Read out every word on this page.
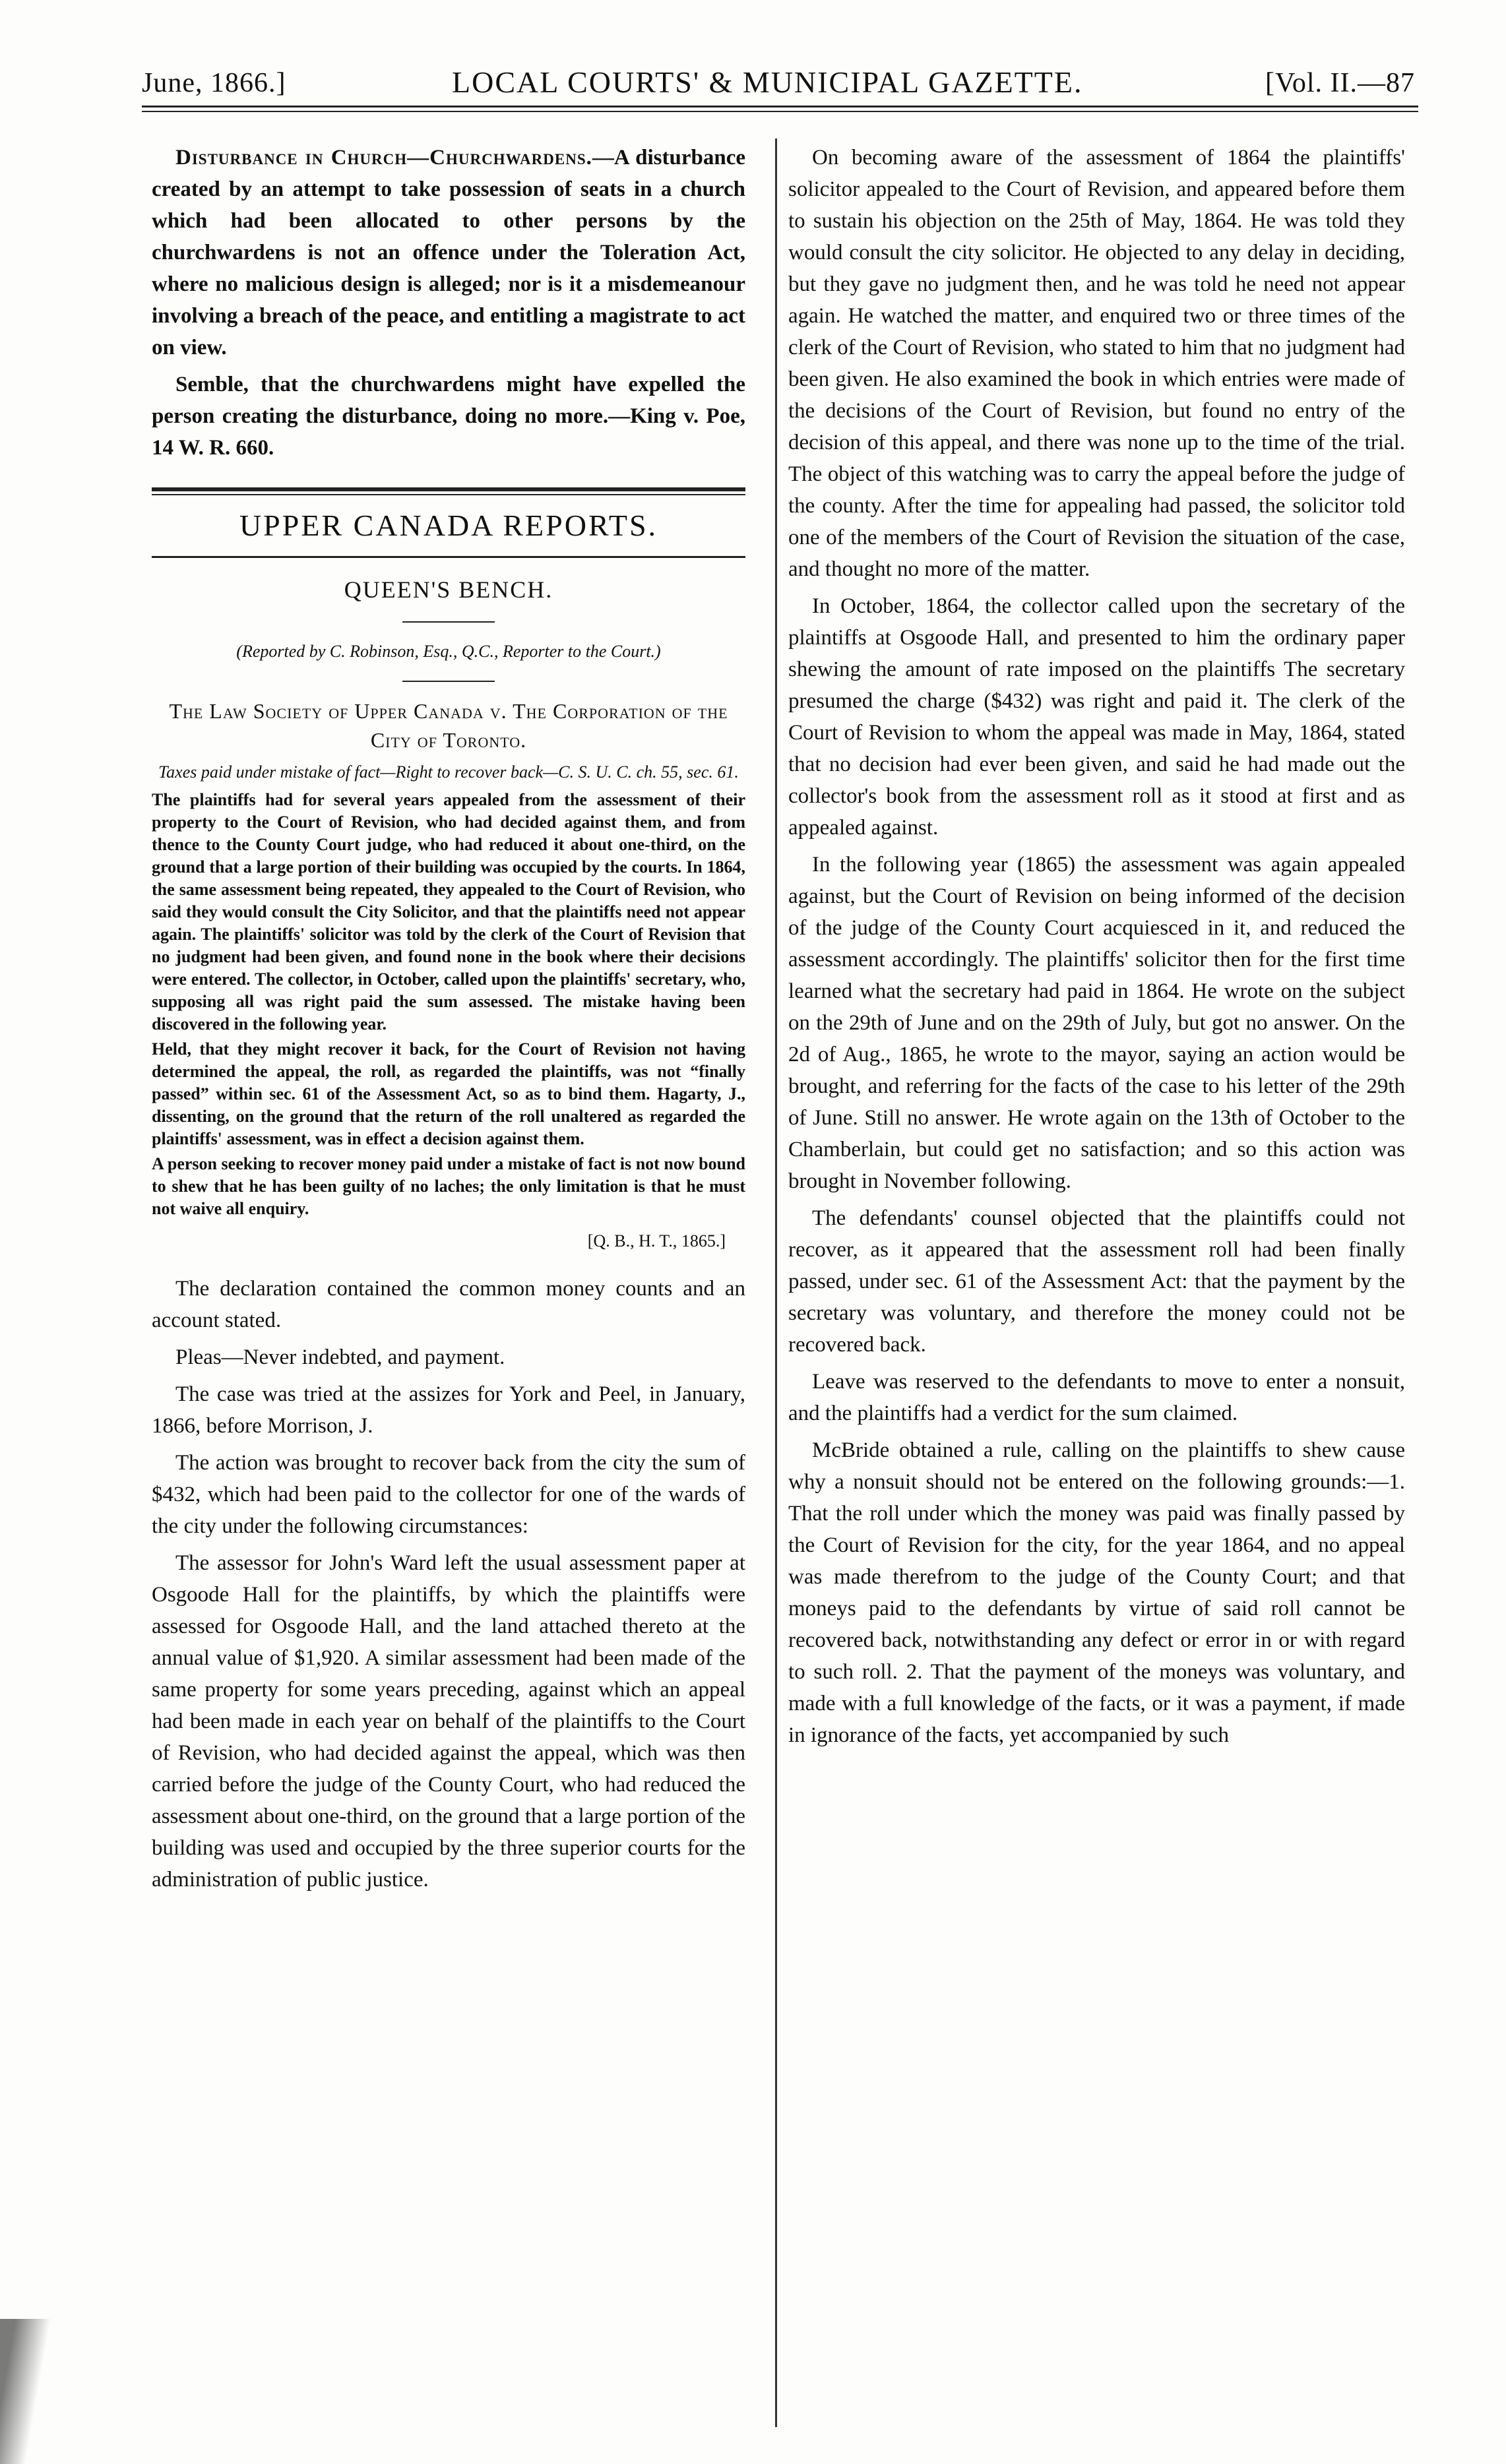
June, 1866.]	LOCAL COURTS' & MUNICIPAL GAZETTE.	[Vol. II.—87

Disturbance in Church—Churchwardens.—A disturbance created by an attempt to take possession of seats in a church which had been allocated to other persons by the churchwardens is not an offence under the Toleration Act, where no malicious design is alleged; nor is it a misdemeanour involving a breach of the peace, and entitling a magistrate to act on view.

Semble, that the churchwardens might have expelled the person creating the disturbance, doing no more.—King v. Poe, 14 W. R. 660.

UPPER CANADA REPORTS.
QUEEN'S BENCH.
(Reported by C. Robinson, Esq., Q.C., Reporter to the Court.)
The Law Society of Upper Canada v. The Corporation of the City of Toronto.
Taxes paid under mistake of fact—Right to recover back—C. S. U. C. ch. 55, sec. 61.

The plaintiffs had for several years appealed from the assessment of their property to the Court of Revision, who had decided against them, and from thence to the County Court judge, who had reduced it about one-third, on the ground that a large portion of their building was occupied by the courts. In 1864, the same assessment being repeated, they appealed to the Court of Revision, who said they would consult the City Solicitor, and that the plaintiffs need not appear again. The plaintiffs' solicitor was told by the clerk of the Court of Revision that no judgment had been given, and found none in the book where their decisions were entered. The collector, in October, called upon the plaintiffs' secretary, who, supposing all was right paid the sum assessed. The mistake having been discovered in the following year.

Held, that they might recover it back, for the Court of Revision not having determined the appeal, the roll, as regarded the plaintiffs, was not “finally passed” within sec. 61 of the Assessment Act, so as to bind them. Hagarty, J., dissenting, on the ground that the return of the roll unaltered as regarded the plaintiffs' assessment, was in effect a decision against them.

A person seeking to recover money paid under a mistake of fact is not now bound to shew that he has been guilty of no laches; the only limitation is that he must not waive all enquiry.

[Q. B., H. T., 1865.]

The declaration contained the common money counts and an account stated.

Pleas—Never indebted, and payment.

The case was tried at the assizes for York and Peel, in January, 1866, before Morrison, J.

The action was brought to recover back from the city the sum of $432, which had been paid to the collector for one of the wards of the city under the following circumstances:

The assessor for John's Ward left the usual assessment paper at Osgoode Hall for the plaintiffs, by which the plaintiffs were assessed for Osgoode Hall, and the land attached thereto at the annual value of $1,920. A similar assessment had been made of the same property for some years preceding, against which an appeal had been made in each year on behalf of the plaintiffs to the Court of Revision, who had decided against the appeal, which was then carried before the judge of the County Court, who had reduced the assessment about one-third, on the ground that a large portion of the building was used and occupied by the three superior courts for the administration of public justice.

On becoming aware of the assessment of 1864 the plaintiffs' solicitor appealed to the Court of Revision, and appeared before them to sustain his objection on the 25th of May, 1864. He was told they would consult the city solicitor. He objected to any delay in deciding, but they gave no judgment then, and he was told he need not appear again. He watched the matter, and enquired two or three times of the clerk of the Court of Revision, who stated to him that no judgment had been given. He also examined the book in which entries were made of the decisions of the Court of Revision, but found no entry of the decision of this appeal, and there was none up to the time of the trial. The object of this watching was to carry the appeal before the judge of the county. After the time for appealing had passed, the solicitor told one of the members of the Court of Revision the situation of the case, and thought no more of the matter.

In October, 1864, the collector called upon the secretary of the plaintiffs at Osgoode Hall, and presented to him the ordinary paper shewing the amount of rate imposed on the plaintiffs The secretary presumed the charge ($432) was right and paid it. The clerk of the Court of Revision to whom the appeal was made in May, 1864, stated that no decision had ever been given, and said he had made out the collector's book from the assessment roll as it stood at first and as appealed against.

In the following year (1865) the assessment was again appealed against, but the Court of Revision on being informed of the decision of the judge of the County Court acquiesced in it, and reduced the assessment accordingly. The plaintiffs' solicitor then for the first time learned what the secretary had paid in 1864. He wrote on the subject on the 29th of June and on the 29th of July, but got no answer. On the 2d of Aug., 1865, he wrote to the mayor, saying an action would be brought, and referring for the facts of the case to his letter of the 29th of June. Still no answer. He wrote again on the 13th of October to the Chamberlain, but could get no satisfaction; and so this action was brought in November following.

The defendants' counsel objected that the plaintiffs could not recover, as it appeared that the assessment roll had been finally passed, under sec. 61 of the Assessment Act: that the payment by the secretary was voluntary, and therefore the money could not be recovered back.

Leave was reserved to the defendants to move to enter a nonsuit, and the plaintiffs had a verdict for the sum claimed.

McBride obtained a rule, calling on the plaintiffs to shew cause why a nonsuit should not be entered on the following grounds:—1. That the roll under which the money was paid was finally passed by the Court of Revision for the city, for the year 1864, and no appeal was made therefrom to the judge of the County Court; and that moneys paid to the defendants by virtue of said roll cannot be recovered back, notwithstanding any defect or error in or with regard to such roll. 2. That the payment of the moneys was voluntary, and made with a full knowledge of the facts, or it was a payment, if made in ignorance of the facts, yet accompanied by such
